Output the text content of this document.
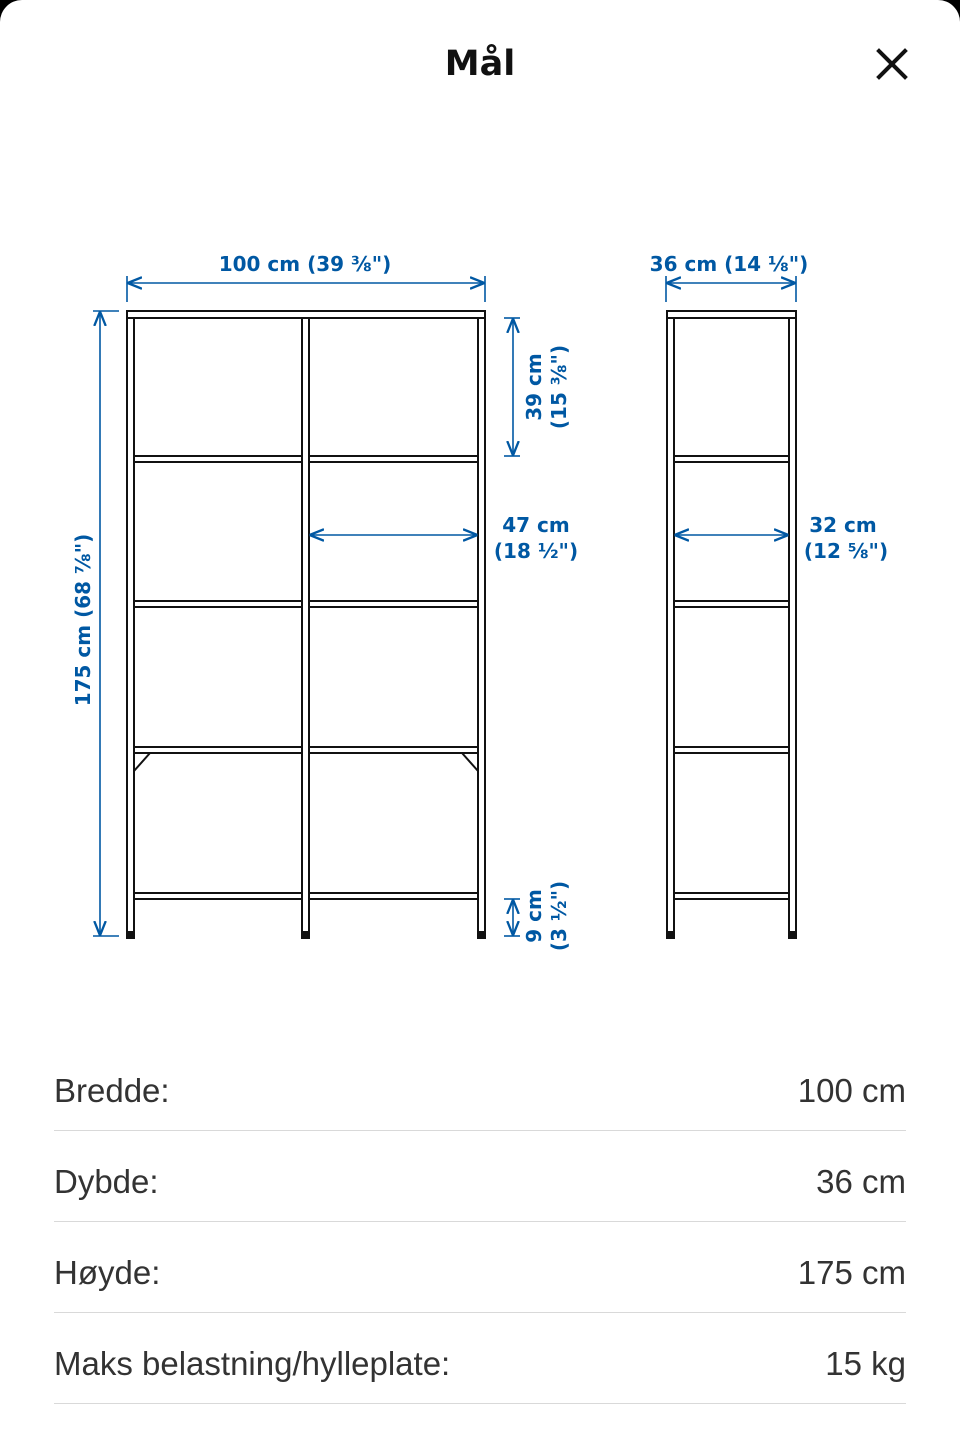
Mål
100 cm (39 ⅜")	36 cm (14 ⅛")
175 cm (68 ⅞")
39 cm (15 ⅜")
47 cm
(18 ½")
32 cm
(12 ⅝")
9 cm (3 ½")
Bredde:	100 cm
Dybde:	36 cm
Høyde:	175 cm
Maks belastning/hylleplate:	15 kg
